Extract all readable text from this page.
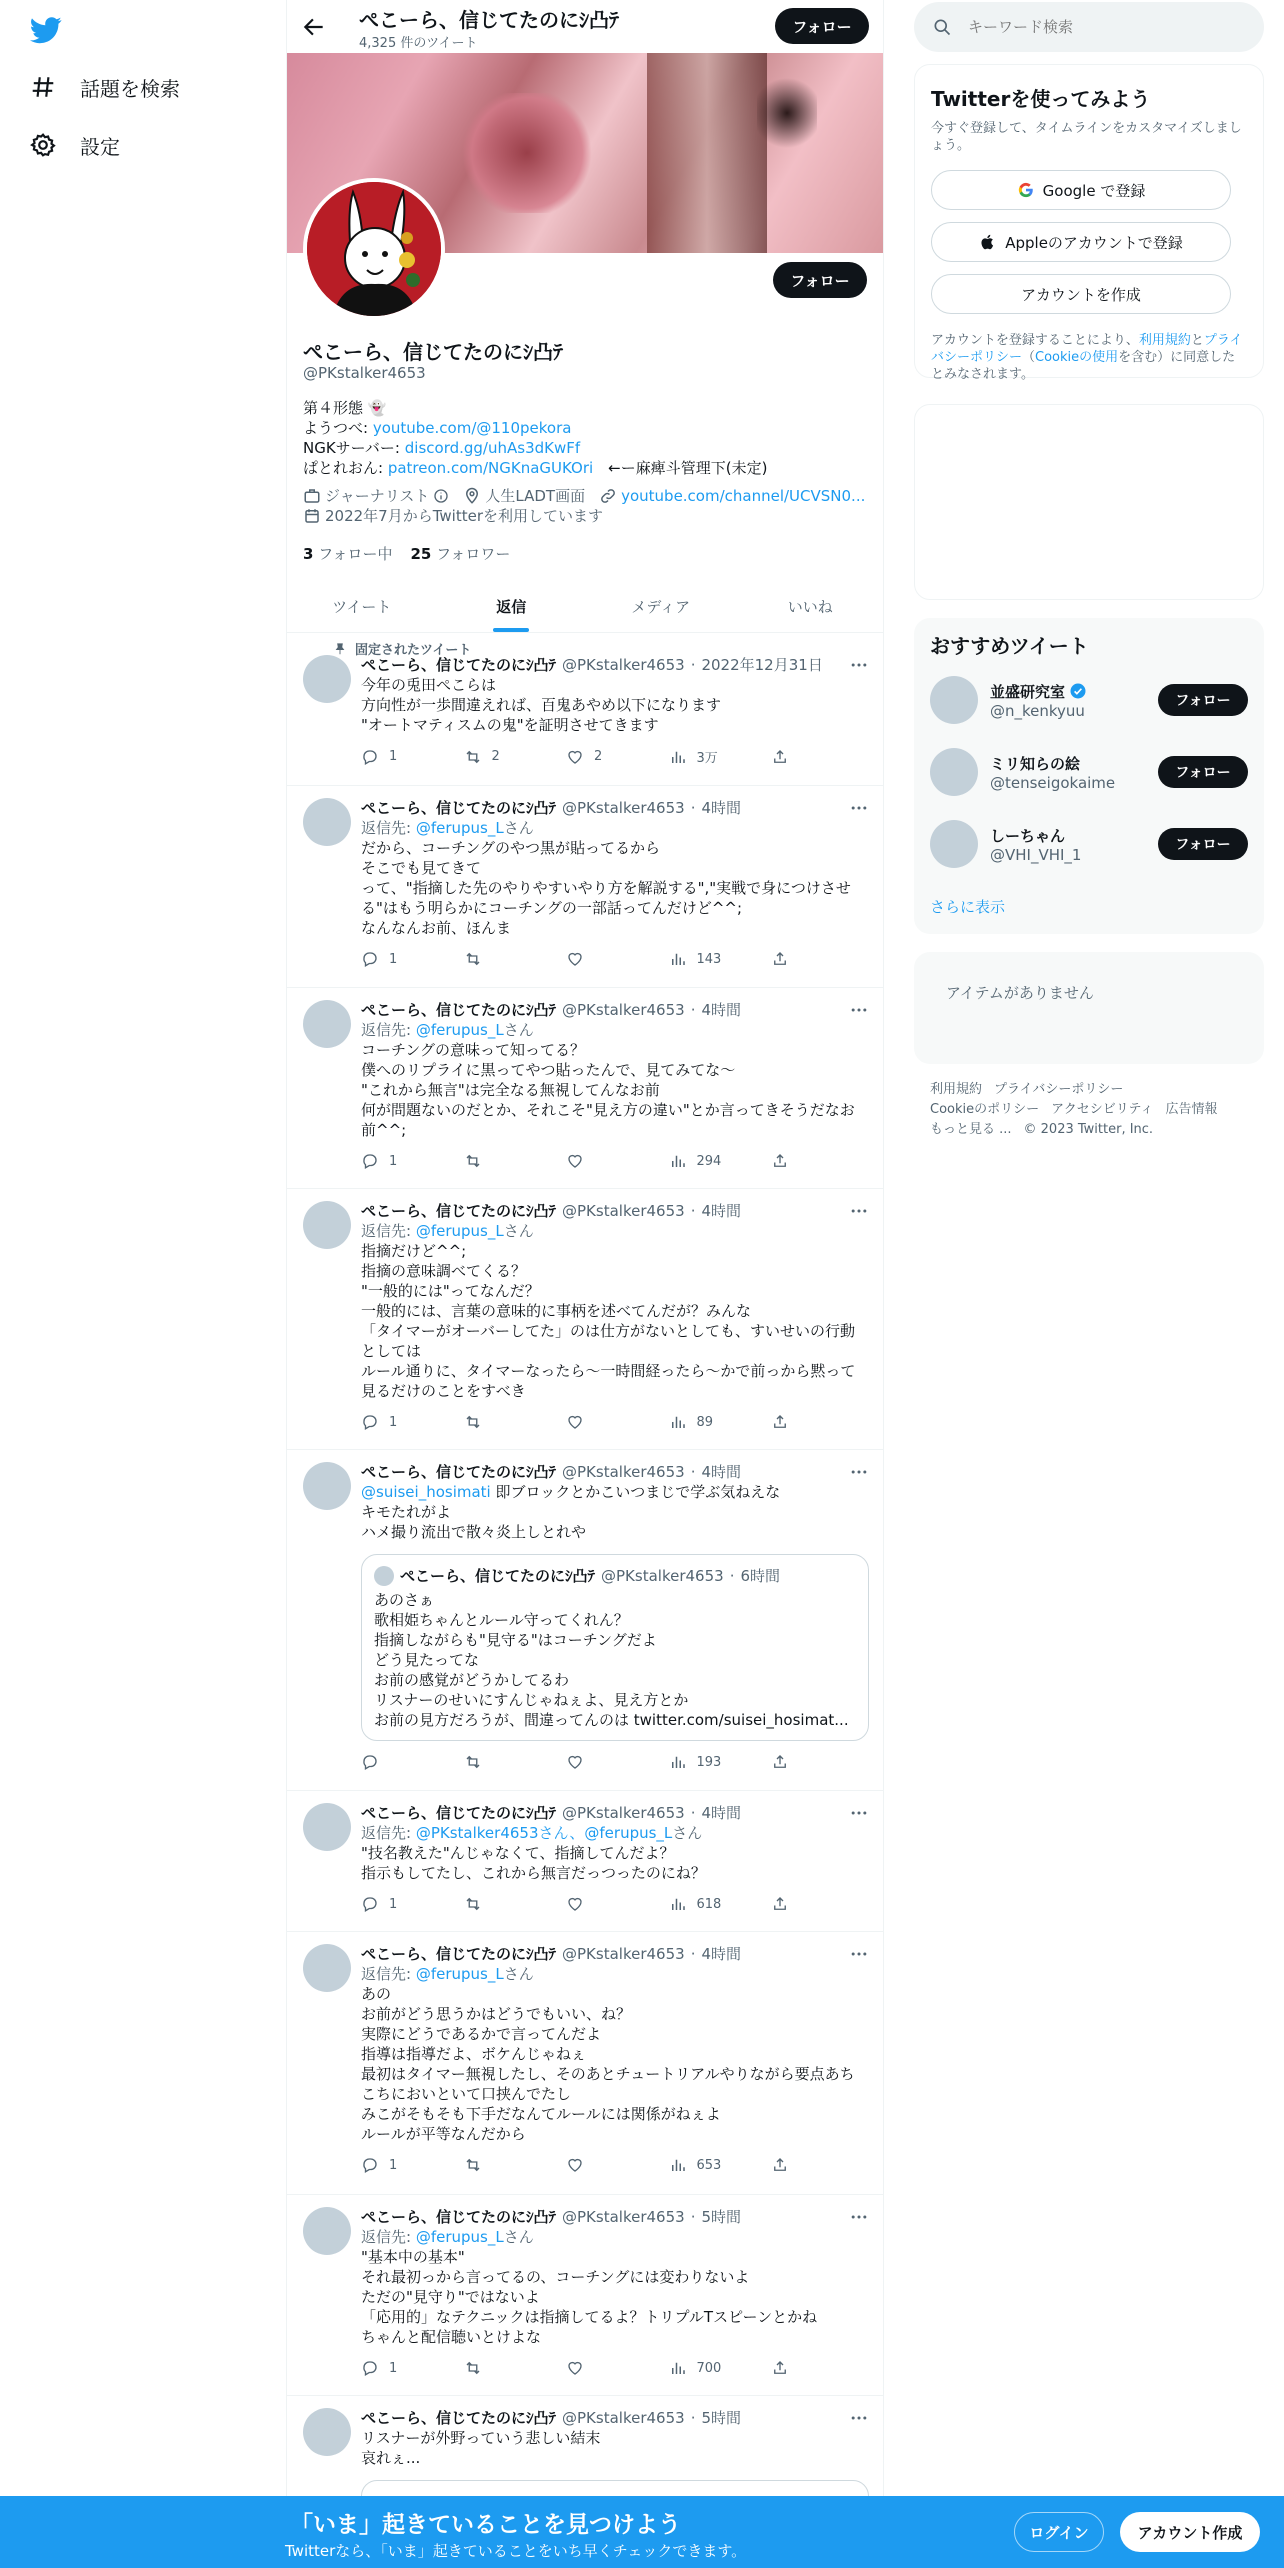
話題を検索
設定
ぺこーら、信じてたのにｼ凸ﾃ
4,325 件のツイート
フォロー
フォロー
ぺこーら、信じてたのにｼ凸ﾃ
@PKstalker4653
第４形態 👻
ようつべ: youtube.com/@110pekora
NGKサーバー: discord.gg/uhAs3dKwFf
ぱとれおん: patreon.com/NGKnaGUKOri　←ー麻痺斗管理下(未定)
ジャーナリスト	人生LADT画面 youtube.com/channel/UCVSN0...
2022年7月からTwitterを利用しています
3 フォロー中 25 フォロワー
ツイート	返信	メディア	いいね
固定されたツイート
ぺこーら、信じてたのにｼ凸ﾃ @PKstalker4653 · 2022年12月31日
今年の兎田ぺこらは
方向性が一歩間違えれば、百鬼あやめ以下になります
"オートマティスムの鬼"を証明させてきます
1	2	2	3万
ぺこーら、信じてたのにｼ凸ﾃ @PKstalker4653 · 4時間
返信先: @ferupus_Lさん
だから、コーチングのやつ黒が貼ってるから
そこでも見てきて
って、"指摘した先のやりやすいやり方を解説する","実戦で身につけさせる"はもう明らかにコーチングの一部話ってんだけど^^;
なんなんお前、ほんま
1	143
ぺこーら、信じてたのにｼ凸ﾃ @PKstalker4653 · 4時間
返信先: @ferupus_Lさん
コーチングの意味って知ってる？
僕へのリプライに黒ってやつ貼ったんで、見てみてな〜
"これから無言"は完全なる無視してんなお前
何が問題ないのだとか、それこそ"見え方の違い"とか言ってきそうだなお前^^;
1	294
ぺこーら、信じてたのにｼ凸ﾃ @PKstalker4653 · 4時間
返信先: @ferupus_Lさん
指摘だけど^^;
指摘の意味調べてくる？
"一般的には"ってなんだ？
一般的には、言葉の意味的に事柄を述べてんだが？みんな
「タイマーがオーバーしてた」のは仕方がないとしても、すいせいの行動としては
ルール通りに、タイマーなったら〜一時間経ったら〜かで前っから黙って見るだけのことをすべき
1	89
ぺこーら、信じてたのにｼ凸ﾃ @PKstalker4653 · 4時間
@suisei_hosimati 即ブロックとかこいつまじで学ぶ気ねえな
キモたれがよ
ハメ撮り流出で散々炎上しとれや
ぺこーら、信じてたのにｼ凸ﾃ @PKstalker4653 · 6時間
あのさぁ
歌相姫ちゃんとルール守ってくれん？
指摘しながらも"見守る"はコーチングだよ
どう見たってな
お前の感覚がどうかしてるわ
リスナーのせいにすんじゃねぇよ、見え方とか
お前の見方だろうが、間違ってんのは twitter.com/suisei_hosimat...
193
ぺこーら、信じてたのにｼ凸ﾃ @PKstalker4653 · 4時間
返信先: @PKstalker4653さん、@ferupus_Lさん
"技名教えた"んじゃなくて、指摘してんだよ？
指示もしてたし、これから無言だっつったのにね？
1	618
ぺこーら、信じてたのにｼ凸ﾃ @PKstalker4653 · 4時間
返信先: @ferupus_Lさん
あの
お前がどう思うかはどうでもいい、ね？
実際にどうであるかで言ってんだよ
指導は指導だよ、ボケんじゃねぇ
最初はタイマー無視したし、そのあとチュートリアルやりながら要点あちこちにおいといて口挟んでたし
みこがそもそも下手だなんてルールには関係がねぇよ
ルールが平等なんだから
1	653
ぺこーら、信じてたのにｼ凸ﾃ @PKstalker4653 · 5時間
返信先: @ferupus_Lさん
"基本中の基本"
それ最初っから言ってるの、コーチングには変わりないよ
ただの"見守り"ではないよ
「応用的」なテクニックは指摘してるよ？トリプルTスピーンとかね
ちゃんと配信聴いとけよな
1	700
ぺこーら、信じてたのにｼ凸ﾃ @PKstalker4653 · 5時間
リスナーが外野っていう悲しい結末
哀れぇ...
キーワード検索
Twitterを使ってみよう
今すぐ登録して、タイムラインをカスタマイズしましょう。
Google で登録
Appleのアカウントで登録
アカウントを作成
アカウントを登録することにより、利用規約とプライバシーポリシー（Cookieの使用を含む）に同意したとみなされます。
おすすめツイート
並盛研究室
@n_kenkyuu
フォロー
ミリ知らの絵
@tenseigokaime
フォロー
しーちゃん
@VHI_VHI_1
フォロー
さらに表示
アイテムがありません
利用規約 プライバシーポリシー
Cookieのポリシー アクセシビリティ 広告情報
もっと見る ... © 2023 Twitter, Inc.
「いま」起きていることを見つけよう
Twitterなら、「いま」起きていることをいち早くチェックできます。
ログイン	アカウント作成
